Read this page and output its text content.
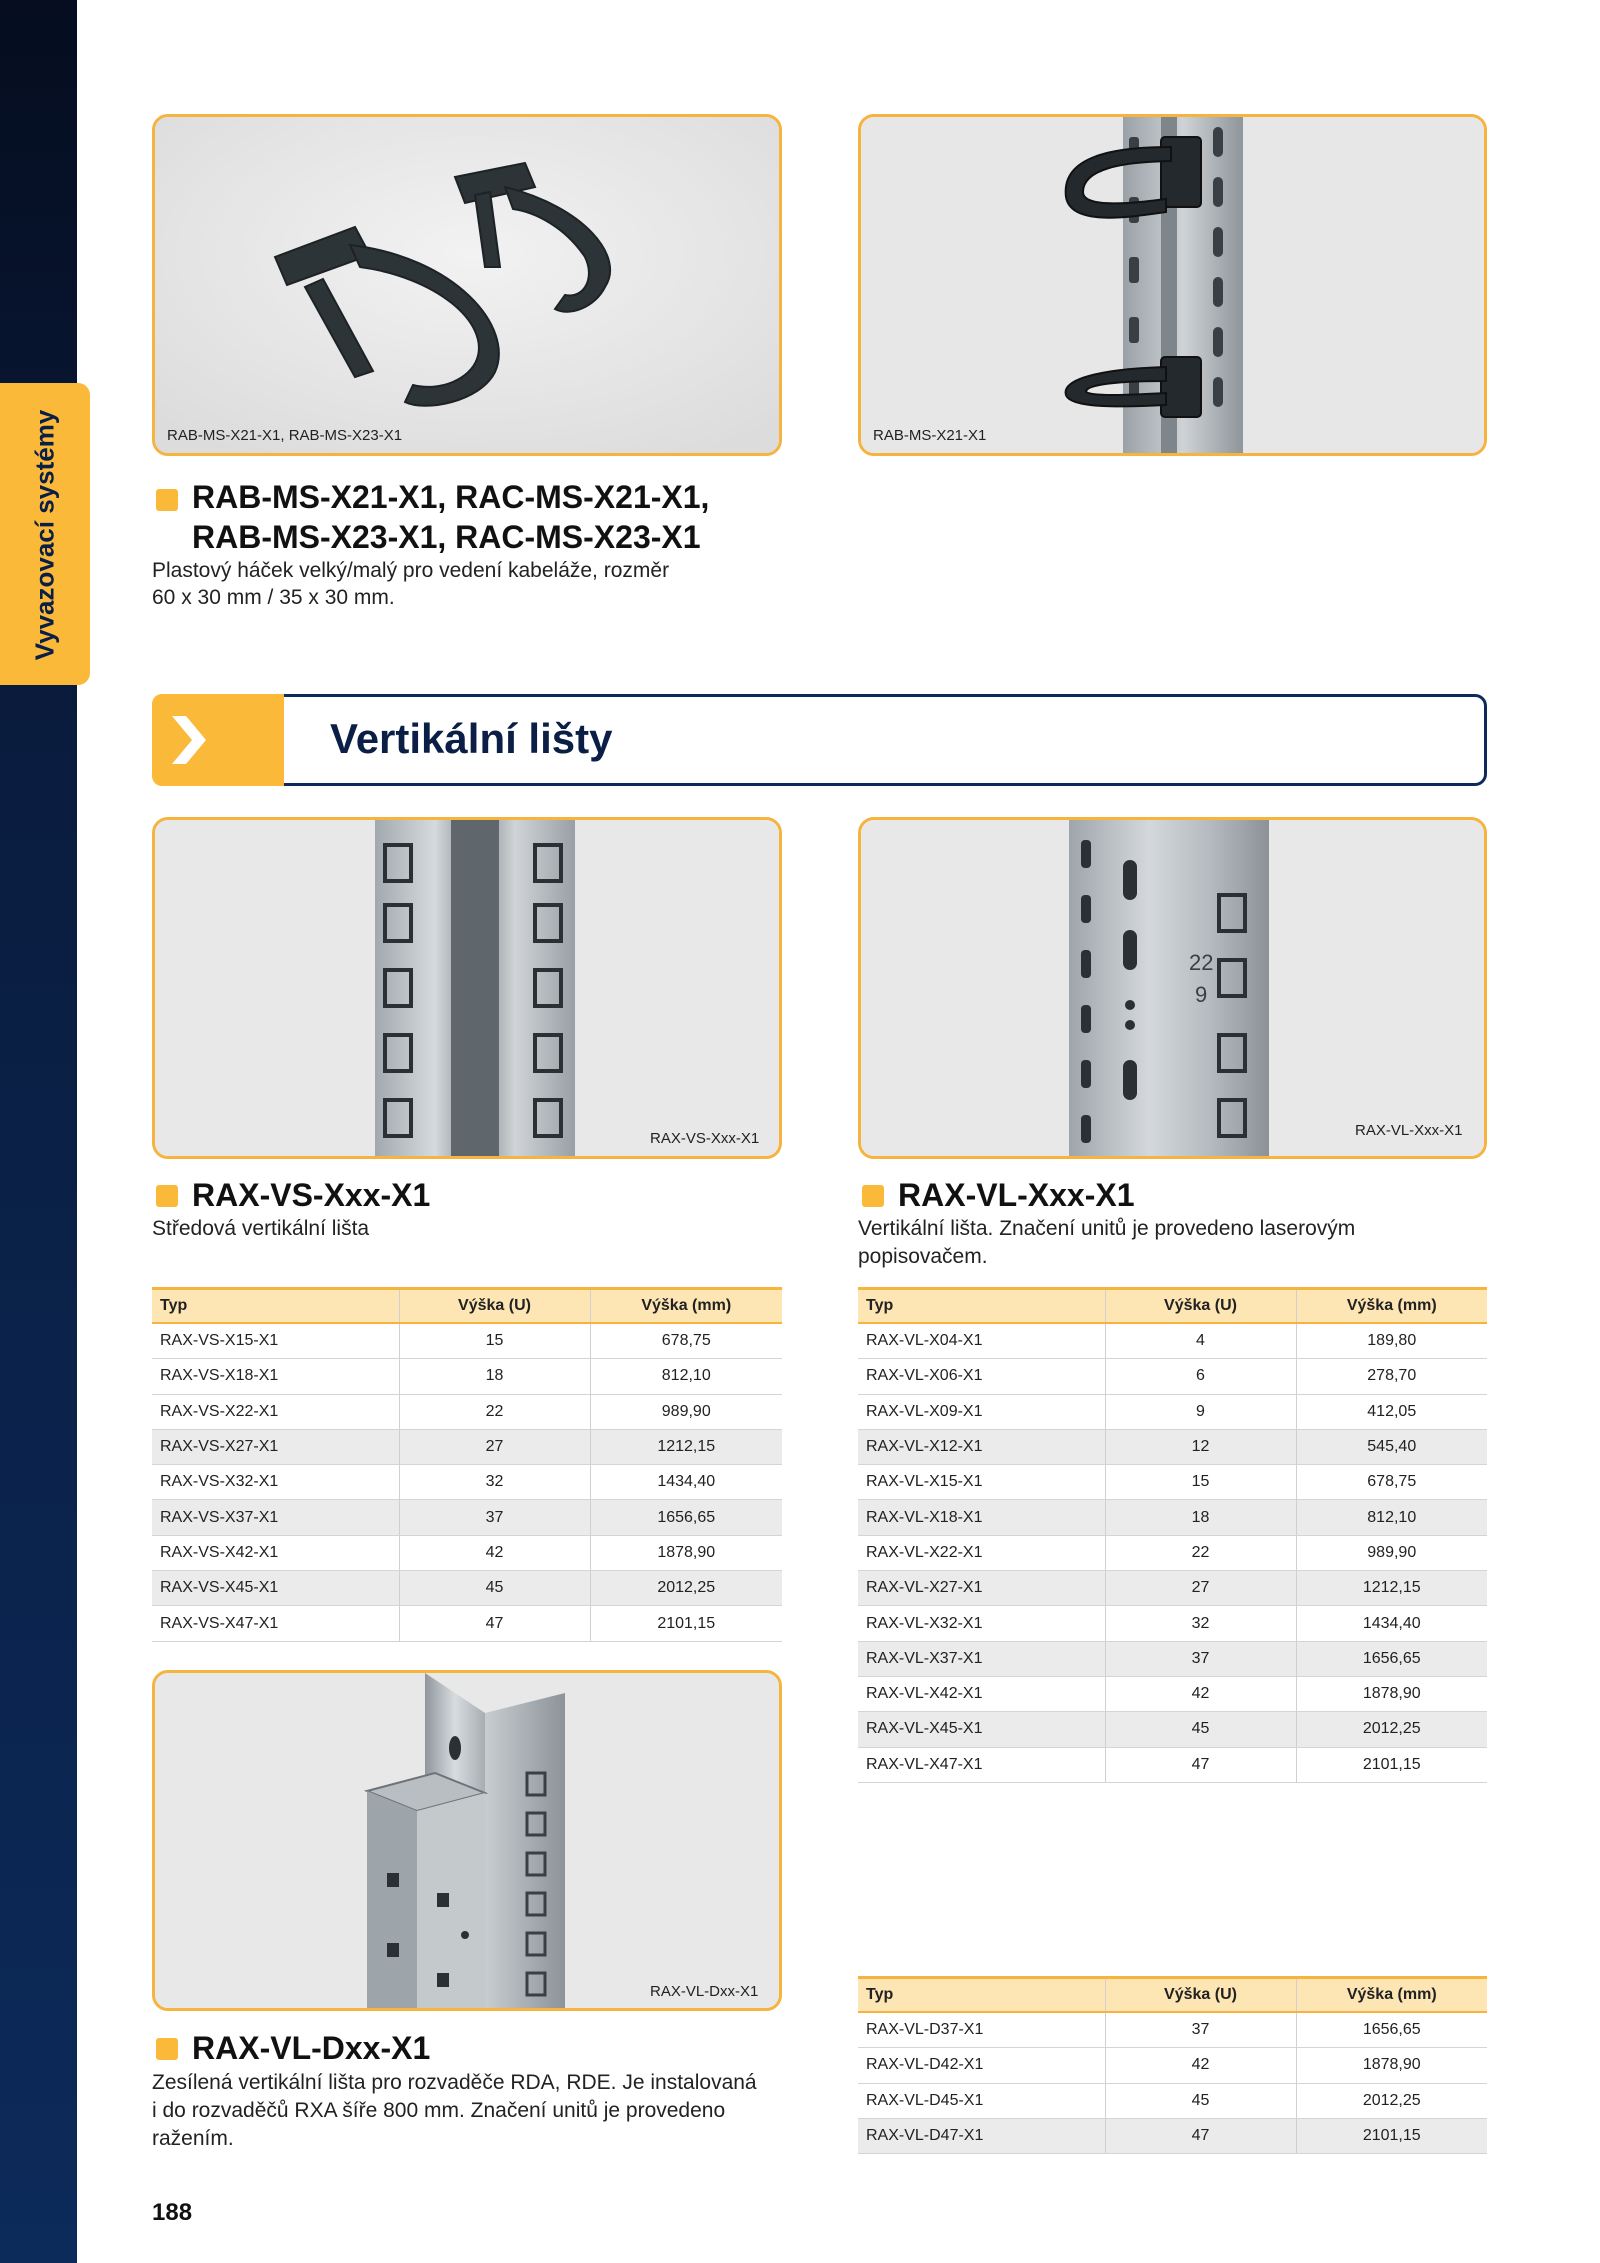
Vyvazovací systémy	RAB-MS-X21-X1, RAB-MS-X23-X1	RAB-MS-X21-X1
RAB-MS-X21-X1, RAC-MS-X21-X1,
RAB-MS-X23-X1, RAC-MS-X23-X1
Plastový háček velký/malý pro vedení kabeláže, rozměr
60 x 30 mm / 35 x 30 mm.
Vertikální lišty
RAX-VS-Xxx-X1
22
9
RAX-VL-Xxx-X1
RAX-VS-Xxx-X1
Středová vertikální lišta
RAX-VL-Xxx-X1
Vertikální lišta. Značení unitů je provedeno laserovým
popisovačem.
Typ	Výška (U)	Výška (mm)
RAX-VS-X15-X1	15	678,75
RAX-VS-X18-X1	18	812,10
RAX-VS-X22-X1	22	989,90
RAX-VS-X27-X1	27	1212,15
RAX-VS-X32-X1	32	1434,40
RAX-VS-X37-X1	37	1656,65
RAX-VS-X42-X1	42	1878,90
RAX-VS-X45-X1	45	2012,25
RAX-VS-X47-X1	47	2101,15
Typ	Výška (U)	Výška (mm)
RAX-VL-X04-X1	4	189,80
RAX-VL-X06-X1	6	278,70
RAX-VL-X09-X1	9	412,05
RAX-VL-X12-X1	12	545,40
RAX-VL-X15-X1	15	678,75
RAX-VL-X18-X1	18	812,10
RAX-VL-X22-X1	22	989,90
RAX-VL-X27-X1	27	1212,15
RAX-VL-X32-X1	32	1434,40
RAX-VL-X37-X1	37	1656,65
RAX-VL-X42-X1	42	1878,90
RAX-VL-X45-X1	45	2012,25
RAX-VL-X47-X1	47	2101,15
RAX-VL-Dxx-X1
RAX-VL-Dxx-X1
Zesílená vertikální lišta pro rozvaděče RDA, RDE. Je instalovaná
i do rozvaděčů RXA šíře 800 mm. Značení unitů je provedeno
ražením.
Typ	Výška (U)	Výška (mm)
RAX-VL-D37-X1	37	1656,65
RAX-VL-D42-X1	42	1878,90
RAX-VL-D45-X1	45	2012,25
RAX-VL-D47-X1	47	2101,15
188
